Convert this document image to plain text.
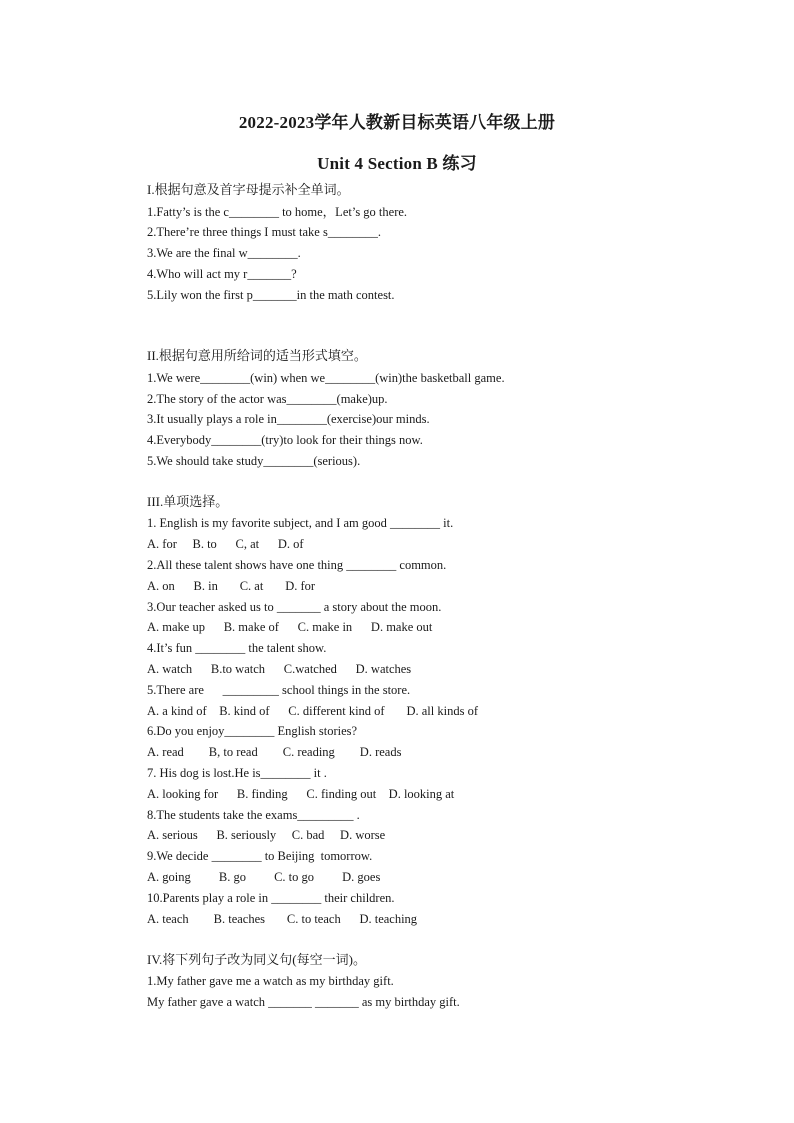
2022-2023学年人教新目标英语八年级上册
Unit 4 Section B 练习
I.根据句意及首字母提示补全单词。
1.Fatty’s is the c________ to home，Let’s go there.
2.There’re three things I must take s________.
3.We are the final w________.
4.Who will act my r_______?
5.Lily won the first p_______in the math contest.
II.根据句意用所给词的适当形式填空。
1.We were________(win) when we________(win)the basketball game.
2.The story of the actor was________(make)up.
3.It usually plays a role in________(exercise)our minds.
4.Everybody________(try)to look for their things now.
5.We should take study________(serious).
III.单项选择。
1. English is my favorite subject, and I am good ________ it.
A. for     B. to      C, at      D. of
2.All these talent shows have one thing ________ common.
A. on      B. in       C. at       D. for
3.Our teacher asked us to _______ a story about the moon.
A. make up      B. make of      C. make in      D. make out
4.It’s fun ________ the talent show.
A. watch      B.to watch      C.watched      D. watches
5.There are      _________ school things in the store.
A. a kind of    B. kind of      C. different kind of       D. all kinds of
6.Do you enjoy________ English stories?
A. read        B, to read        C. reading        D. reads
7. His dog is lost.He is________ it .
A. looking for      B. finding      C. finding out    D. looking at
8.The students take the exams_________ .
A. serious      B. seriously     C. bad     D. worse
9.We decide ________ to Beijing  tomorrow.
A. going         B. go         C. to go         D. goes
10.Parents play a role in ________ their children.
A. teach        B. teaches       C. to teach      D. teaching
IV.将下列句子改为同义句(每空一词)。
1.My father gave me a watch as my birthday gift.
My father gave a watch _______ _______ as my birthday gift.
